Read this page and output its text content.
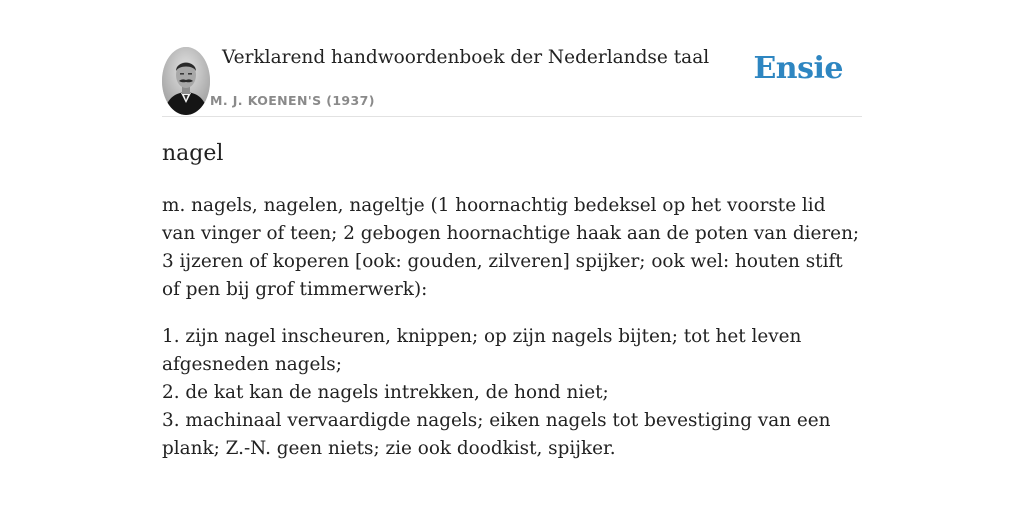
Verklarend handwoordenboek der Nederlandse taal
M. J. KOENEN'S (1937)
Ensie
nagel

m. nagels, nagelen, nageltje (1 hoornachtig bedeksel op het voorste lid van vinger of teen; 2 gebogen hoornachtige haak aan de poten van dieren; 3 ijzeren of koperen [ook: gouden, zilveren] spijker; ook wel: houten stift of pen bij grof timmerwerk):

1. zijn nagel inscheuren, knippen; op zijn nagels bijten; tot het leven afgesneden nagels;
2. de kat kan de nagels intrekken, de hond niet;
3. machinaal vervaardigde nagels; eiken nagels tot bevestiging van een plank; Z.-N. geen niets; zie ook doodkist, spijker.
